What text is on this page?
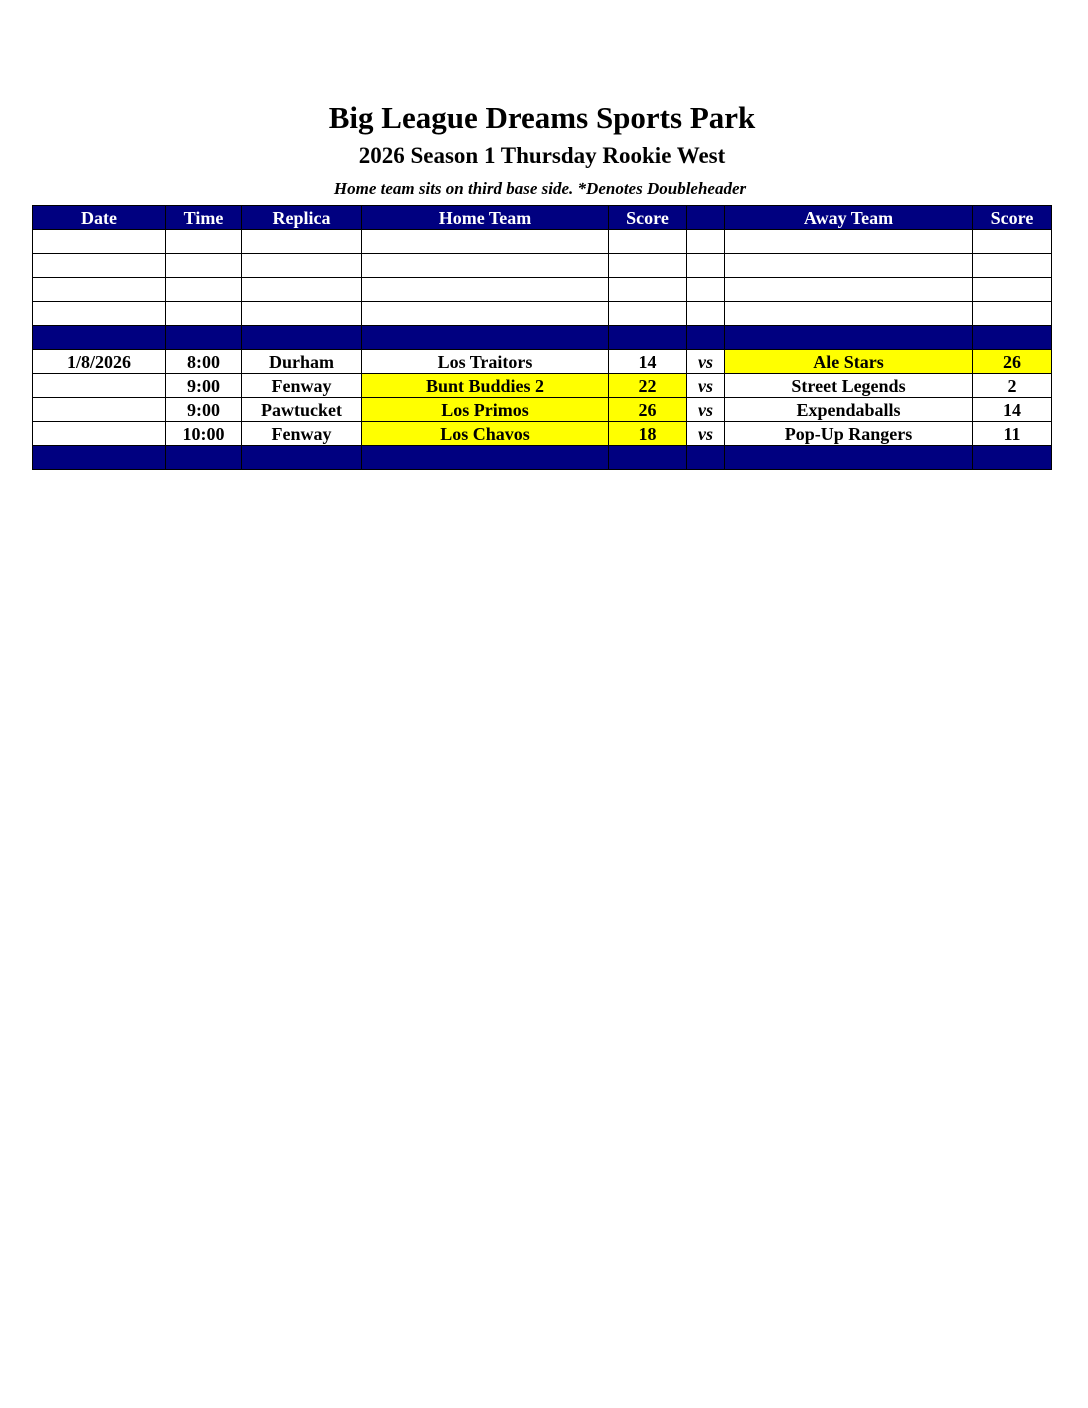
Big League Dreams Sports Park
2026 Season 1 Thursday Rookie West
Home team sits on third base side. *Denotes Doubleheader
Date	Time	Replica	Home Team	Score		Away Team	Score

1/8/2026	8:00	Durham	Los Traitors	14	vs	Ale Stars	26
	9:00	Fenway	Bunt Buddies 2	22	vs	Street Legends	2
	9:00	Pawtucket	Los Primos	26	vs	Expendaballs	14
	10:00	Fenway	Los Chavos	18	vs	Pop-Up Rangers	11
